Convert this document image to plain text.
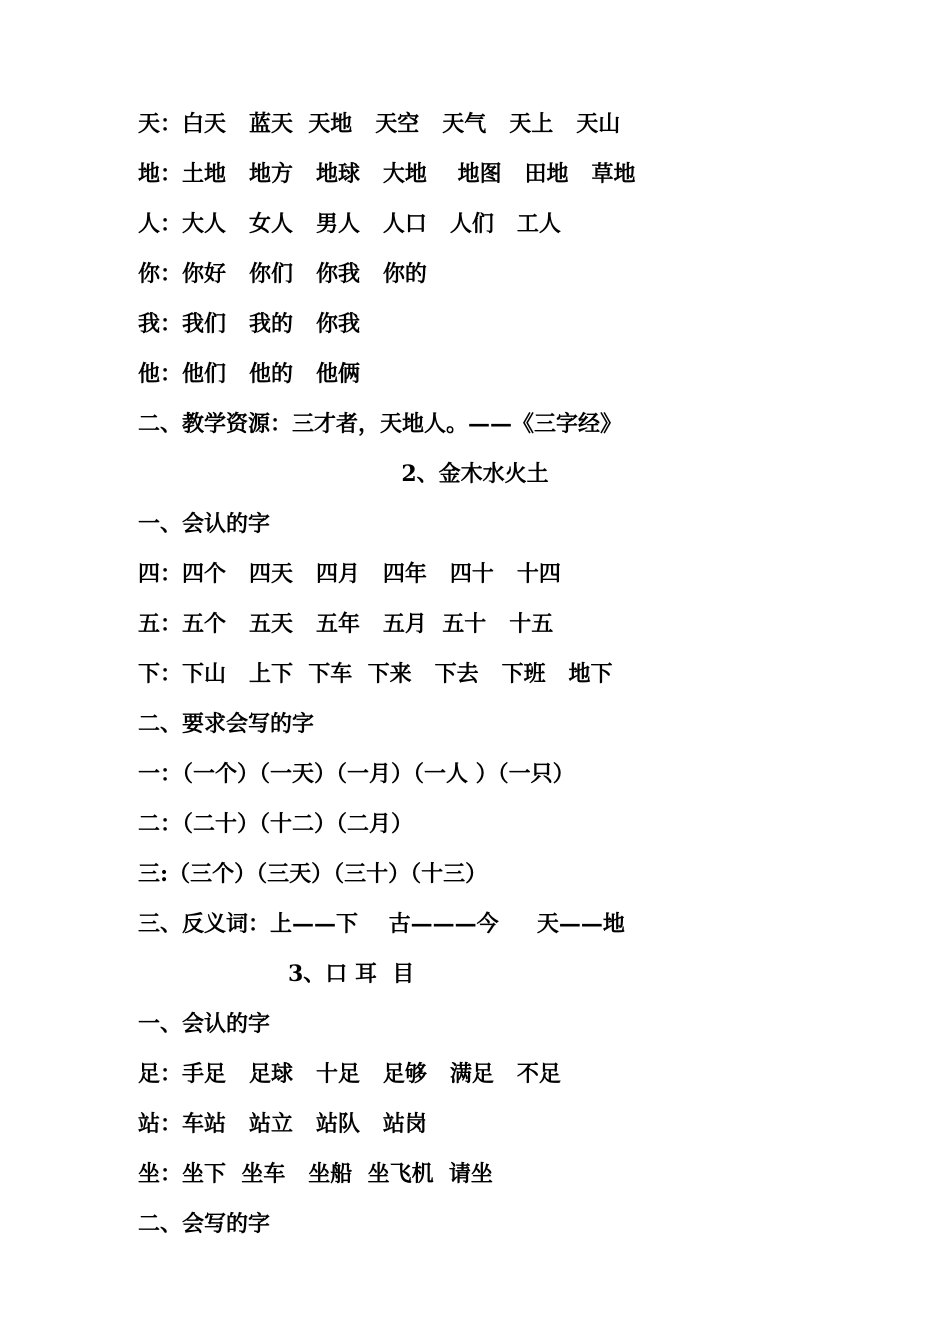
天：白天   蓝天  天地   天空   天气   天上   天山
地：土地   地方   地球   大地    地图   田地   草地
人：大人   女人   男人   人口   人们   工人
你：你好   你们   你我   你的
我：我们   我的   你我
他：他们   他的   他俩
二、教学资源：三才者，天地人。——《三字经》
2、金木水火土
一、会认的字
四：四个   四天   四月   四年   四十   十四
五：五个   五天   五年   五月  五十   十五
下：下山   上下  下车  下来   下去   下班   地下
二、要求会写的字
一：（一个）（一天）（一月）（一人 ）（一只）
二：（二十）（十二）（二月）
三:（三个）（三天）（三十）（十三）
三、反义词：上——下    古———今     天——地
3、口 耳  目
一、会认的字
足：手足   足球   十足   足够   满足   不足
站：车站   站立   站队   站岗
坐：坐下  坐车   坐船  坐飞机  请坐
二、会写的字
